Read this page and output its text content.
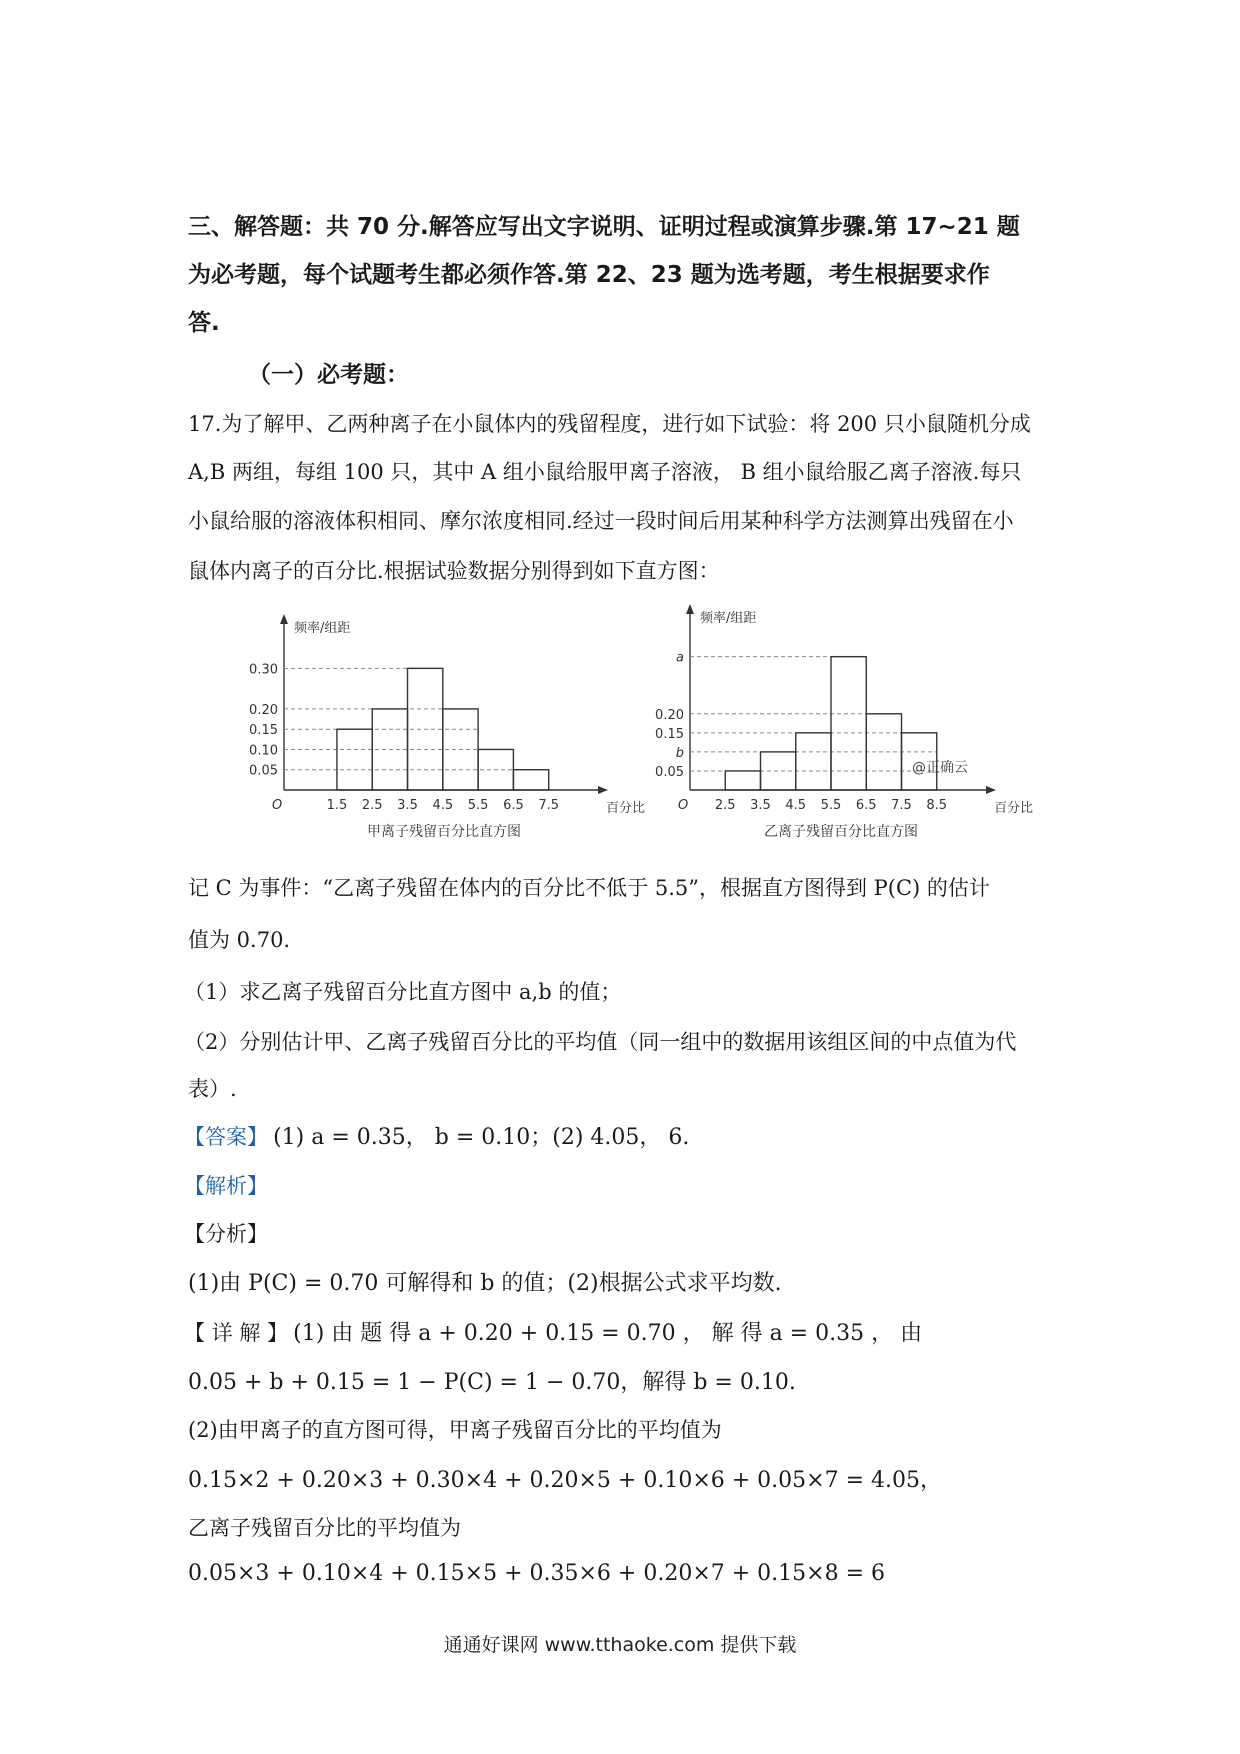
三、解答题：共 70 分.解答应写出文字说明、证明过程或演算步骤.第 17~21 题
为必考题，每个试题考生都必须作答.第 22、23 题为选考题，考生根据要求作
答.
（一）必考题：
17.为了解甲、乙两种离子在小鼠体内的残留程度，进行如下试验：将 200 只小鼠随机分成
A,B 两组，每组 100 只，其中 A 组小鼠给服甲离子溶液， B 组小鼠给服乙离子溶液.每只
小鼠给服的溶液体积相同、摩尔浓度相同.经过一段时间后用某种科学方法测算出残留在小
鼠体内离子的百分比.根据试验数据分别得到如下直方图：
0.30
0.20
0.15
0.10
0.05
1.5 2.5 3.5 4.5 5.5 6.5 7.5
O
频率/组距
百分比
甲离子残留百分比直方图
a
0.20
0.15
b
0.05
2.5 3.5 4.5 5.5 6.5 7.5 8.5
O
频率/组距
百分比
乙离子残留百分比直方图
@正确云
记 C 为事件：“乙离子残留在体内的百分比不低于 5.5”，根据直方图得到 P(C) 的估计
值为 0.70.
（1）求乙离子残留百分比直方图中 a,b 的值；
（2）分别估计甲、乙离子残留百分比的平均值（同一组中的数据用该组区间的中点值为代
表）.
【答案】 (1) a = 0.35， b = 0.10；(2) 4.05， 6.
【解析】
【分析】
(1)由 P(C) = 0.70 可解得和 b 的值；(2)根据公式求平均数.
【 详 解 】 (1) 由 题 得 a + 0.20 + 0.15 = 0.70 ， 解 得 a = 0.35 ， 由
0.05 + b + 0.15 = 1 − P(C) = 1 − 0.70，解得 b = 0.10.
(2)由甲离子的直方图可得，甲离子残留百分比的平均值为
0.15×2 + 0.20×3 + 0.30×4 + 0.20×5 + 0.10×6 + 0.05×7 = 4.05，
乙离子残留百分比的平均值为
0.05×3 + 0.10×4 + 0.15×5 + 0.35×6 + 0.20×7 + 0.15×8 = 6
通通好课网 www.tthaoke.com 提供下载
